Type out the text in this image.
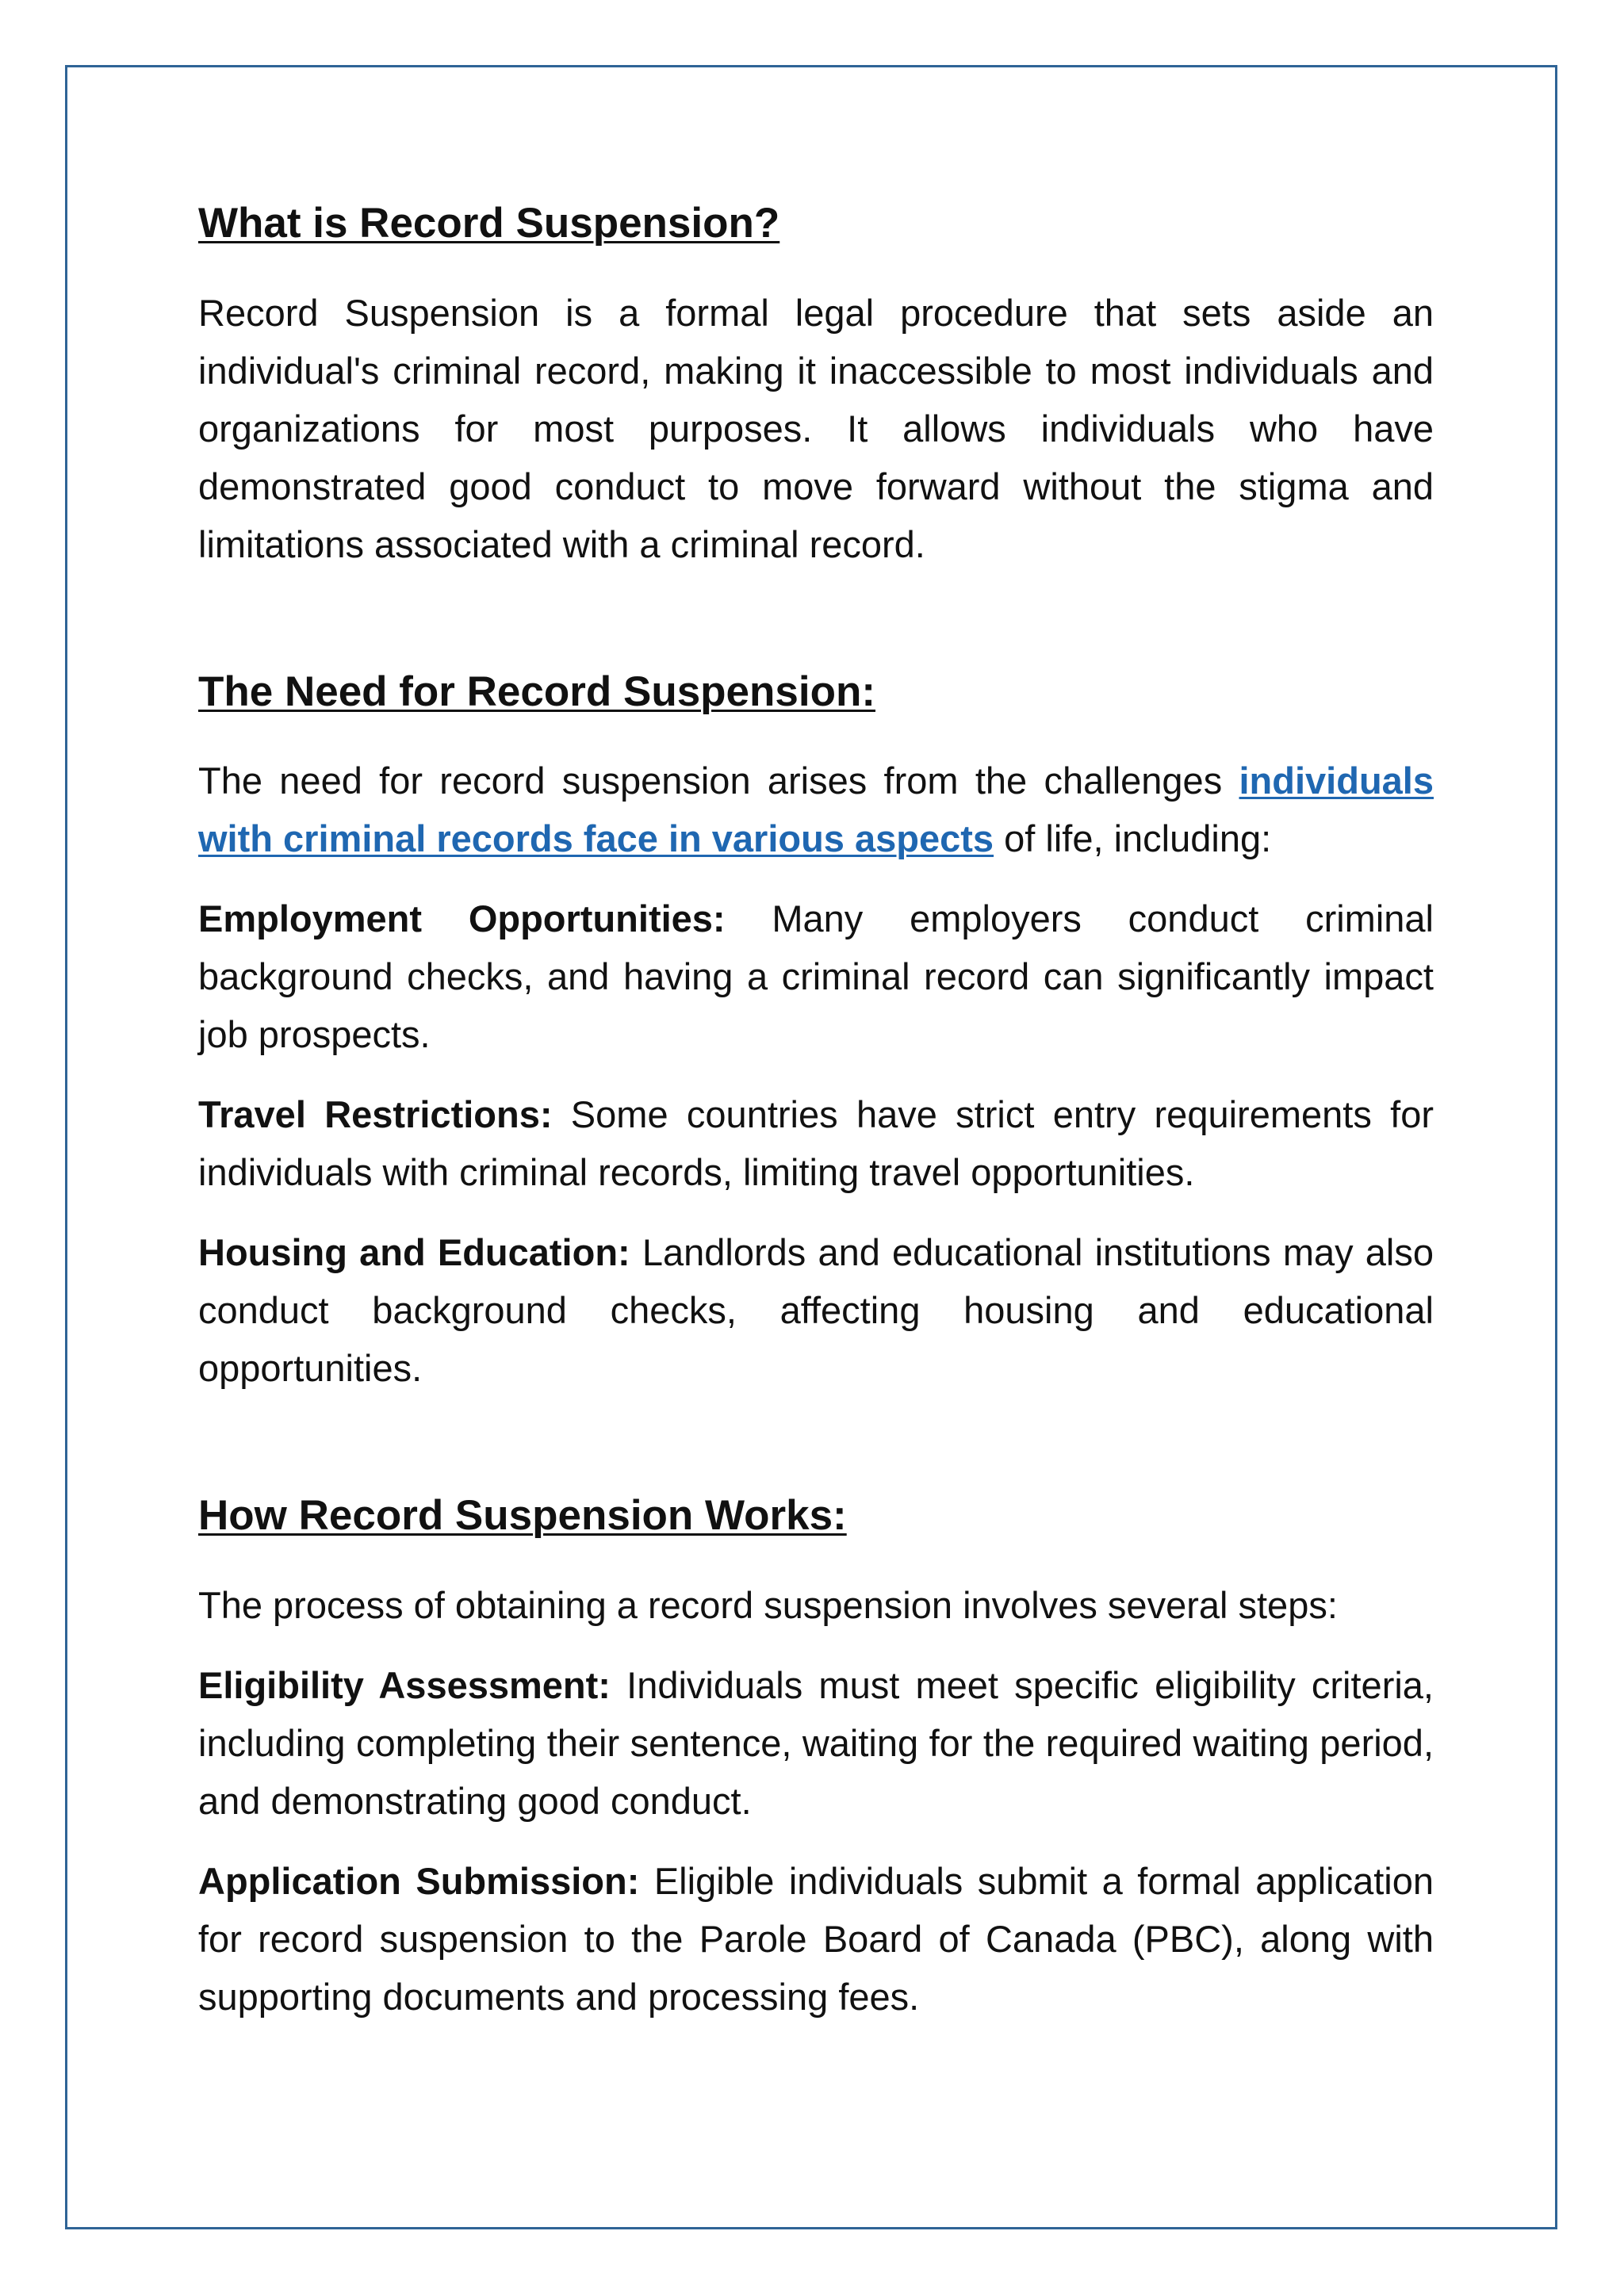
What is Record Suspension?

Record Suspension is a formal legal procedure that sets aside an individual's criminal record, making it inaccessible to most individuals and organizations for most purposes. It allows individuals who have demonstrated good conduct to move forward without the stigma and limitations associated with a criminal record.

The Need for Record Suspension:

The need for record suspension arises from the challenges individuals with criminal records face in various aspects of life, including:

Employment Opportunities: Many employers conduct criminal background checks, and having a criminal record can significantly impact job prospects.

Travel Restrictions: Some countries have strict entry requirements for individuals with criminal records, limiting travel opportunities.

Housing and Education: Landlords and educational institutions may also conduct background checks, affecting housing and educational opportunities.

How Record Suspension Works:

The process of obtaining a record suspension involves several steps:

Eligibility Assessment: Individuals must meet specific eligibility criteria, including completing their sentence, waiting for the required waiting period, and demonstrating good conduct.

Application Submission: Eligible individuals submit a formal application for record suspension to the Parole Board of Canada (PBC), along with supporting documents and processing fees.
